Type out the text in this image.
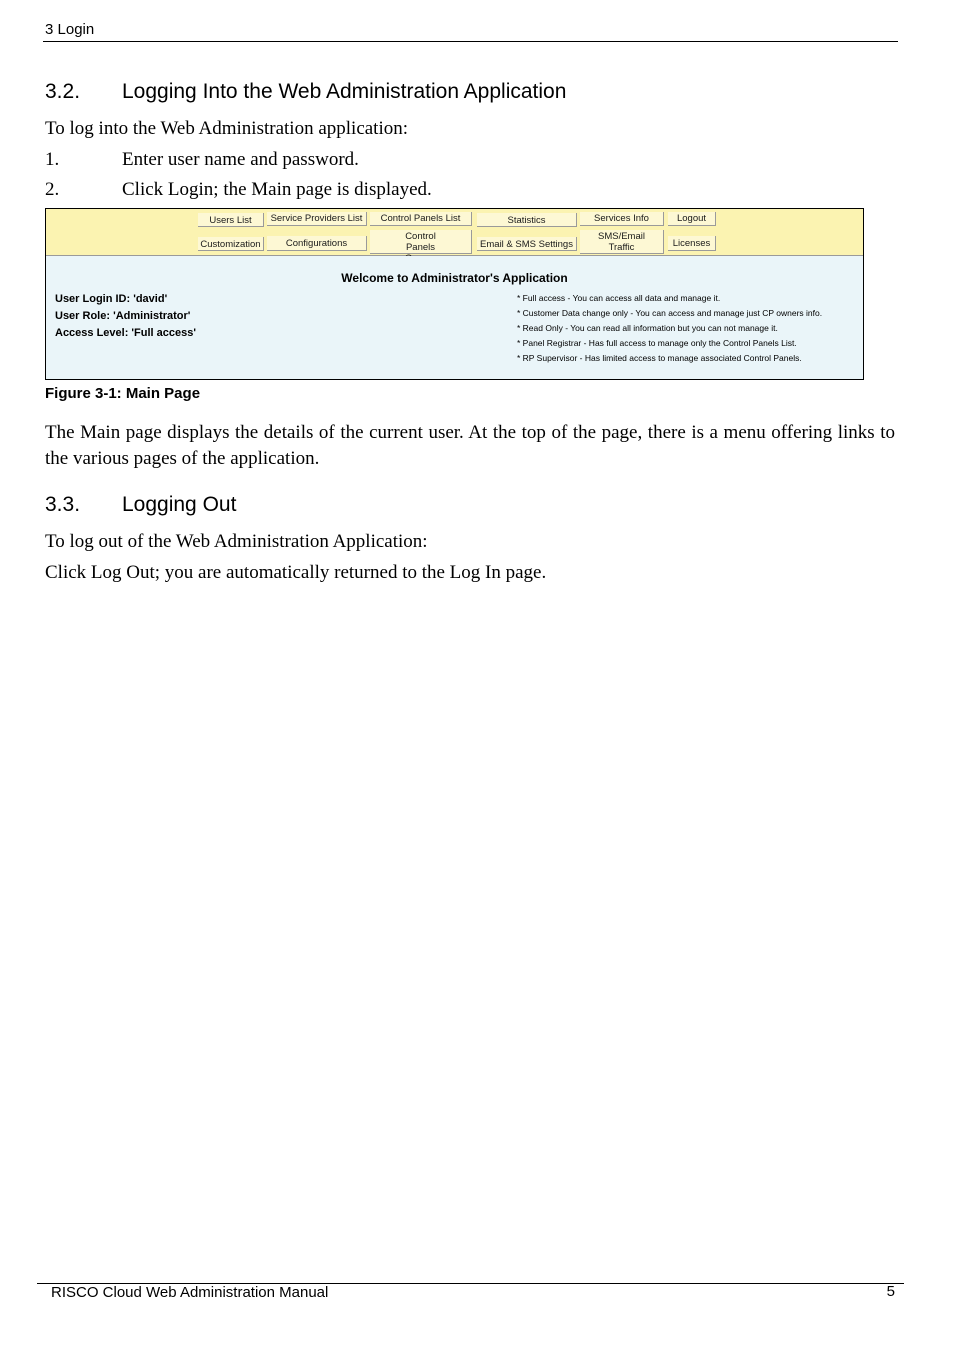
3 Login
3.2. Logging Into the Web Administration Application
To log into the Web Administration application:
1.	Enter user name and password.
2.	Click Login; the Main page is displayed.
Users List	Service Providers List	Control Panels List	Statistics	Services Info	Logout
Customization	Configurations
Control Panels	Email & SMS Settings
SMS/Email Traffic	Licenses
Welcome to Administrator's Application
User Login ID: 'david'
User Role: 'Administrator'
Access Level: 'Full access'
* Full access - You can access all data and manage it.
* Customer Data change only - You can access and manage just CP owners info.
* Read Only - You can read all information but you can not manage it.
* Panel Registrar - Has full access to manage only the Control Panels List.
* RP Supervisor - Has limited access to manage associated Control Panels.
Figure 3-1: Main Page
The Main page displays the details of the current user. At the top of the page, there is a menu offering links to the various pages of the application.
3.3. Logging Out
To log out of the Web Administration Application:
Click Log Out; you are automatically returned to the Log In page.
RISCO Cloud Web Administration Manual	5
